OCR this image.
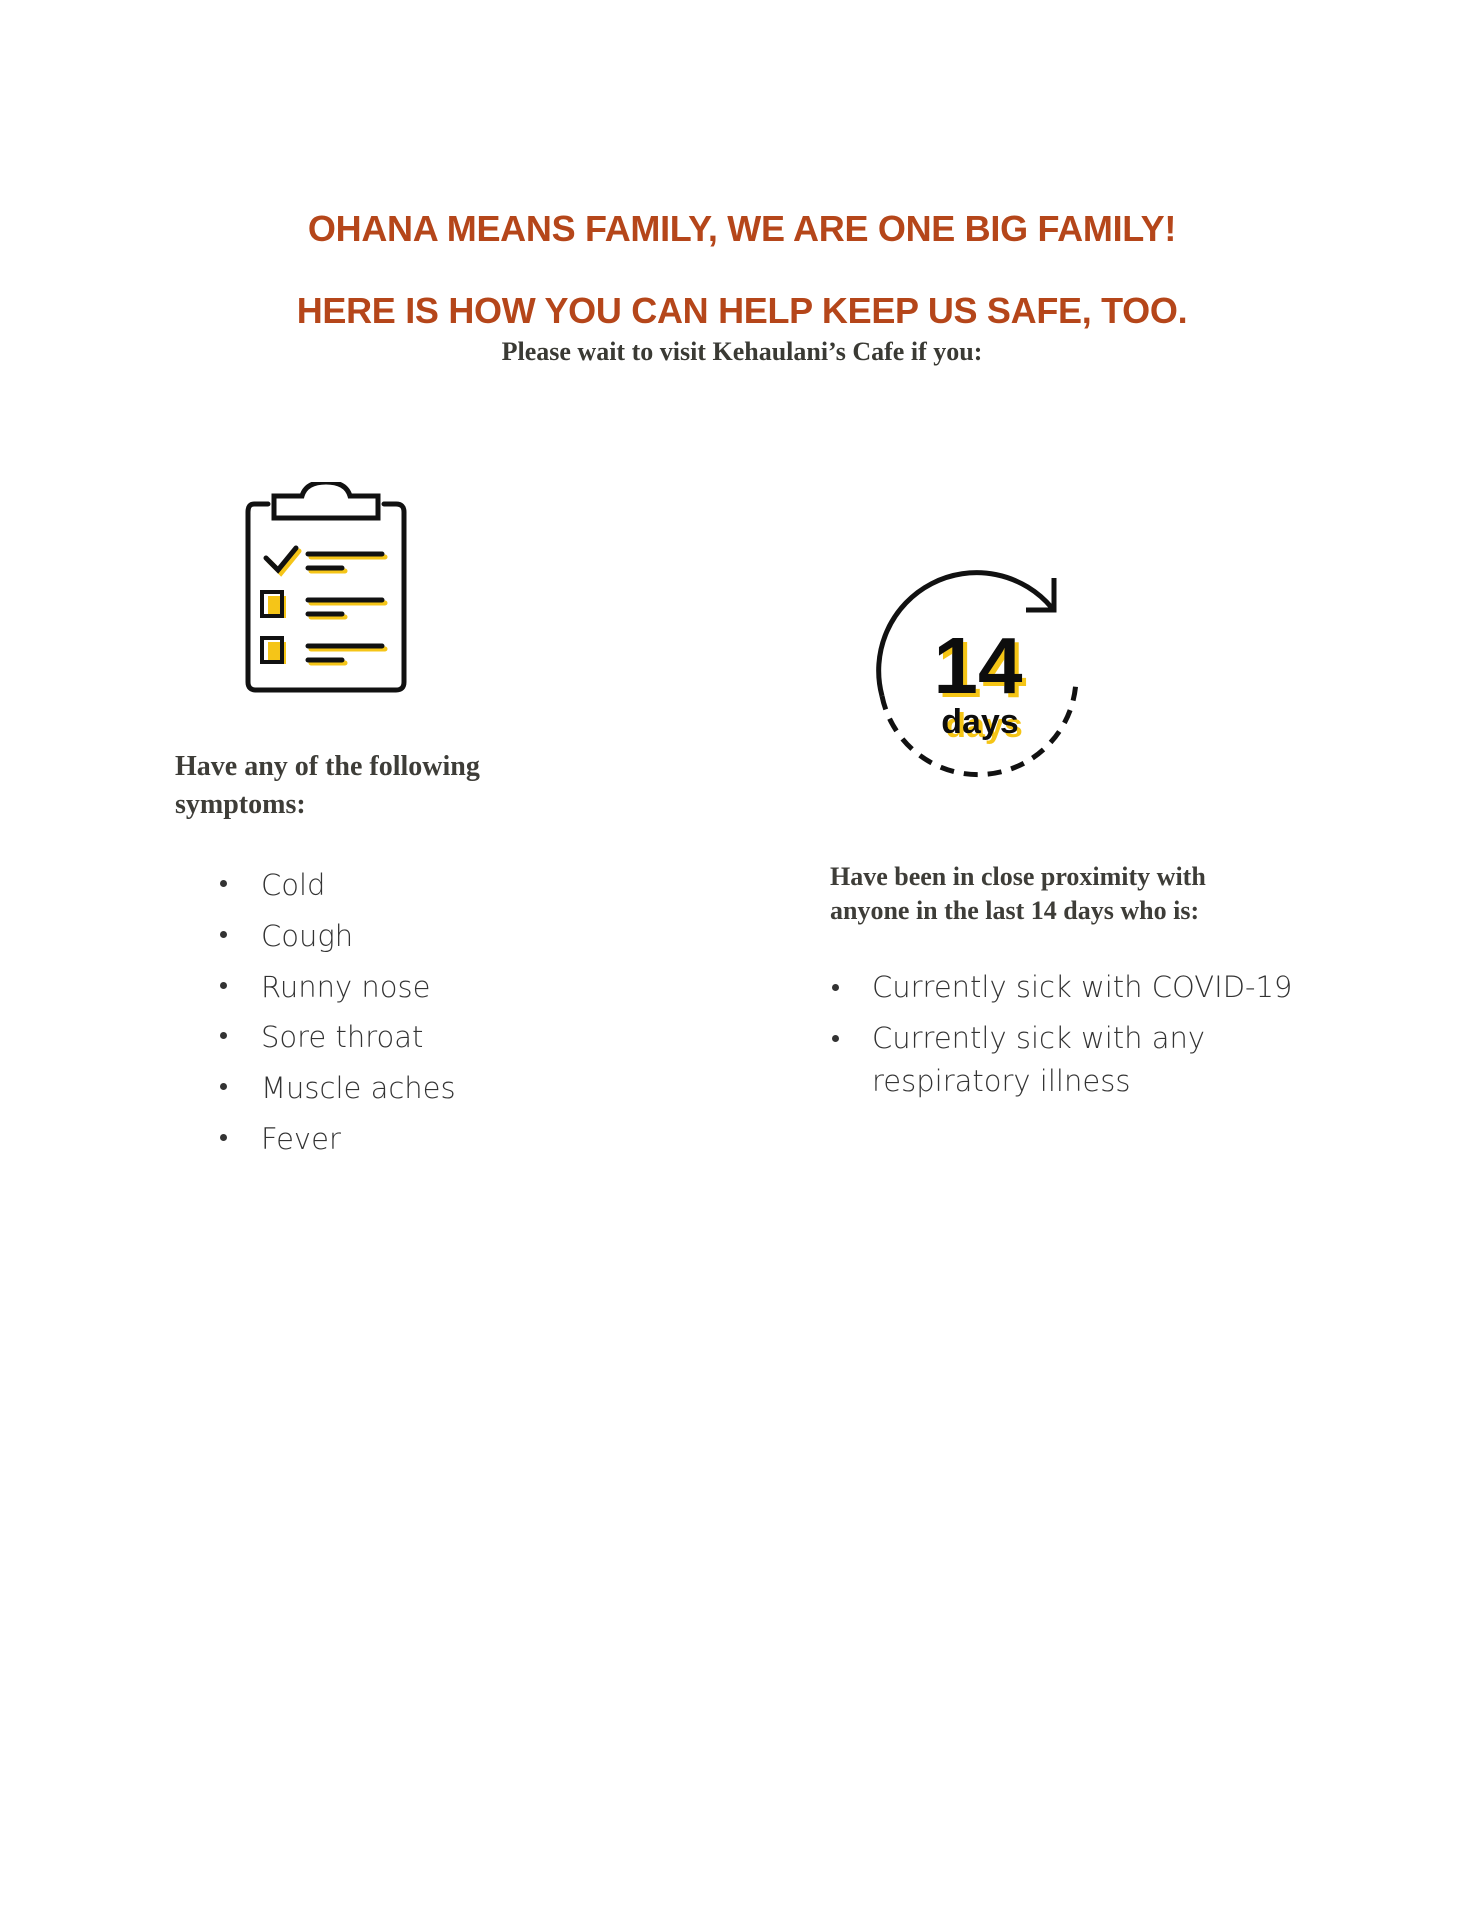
OHANA MEANS FAMILY, WE ARE ONE BIG FAMILY!
HERE IS HOW YOU CAN HELP KEEP US SAFE, TOO.
Please wait to visit Kehaulani’s Cafe if you:
14
days
Have any of the following
symptoms:
Cold
Cough
Runny nose
Sore throat
Muscle aches
Fever
Have been in close proximity with
anyone in the last 14 days who is:
Currently sick with COVID-19
Currently sick with any
respiratory illness
